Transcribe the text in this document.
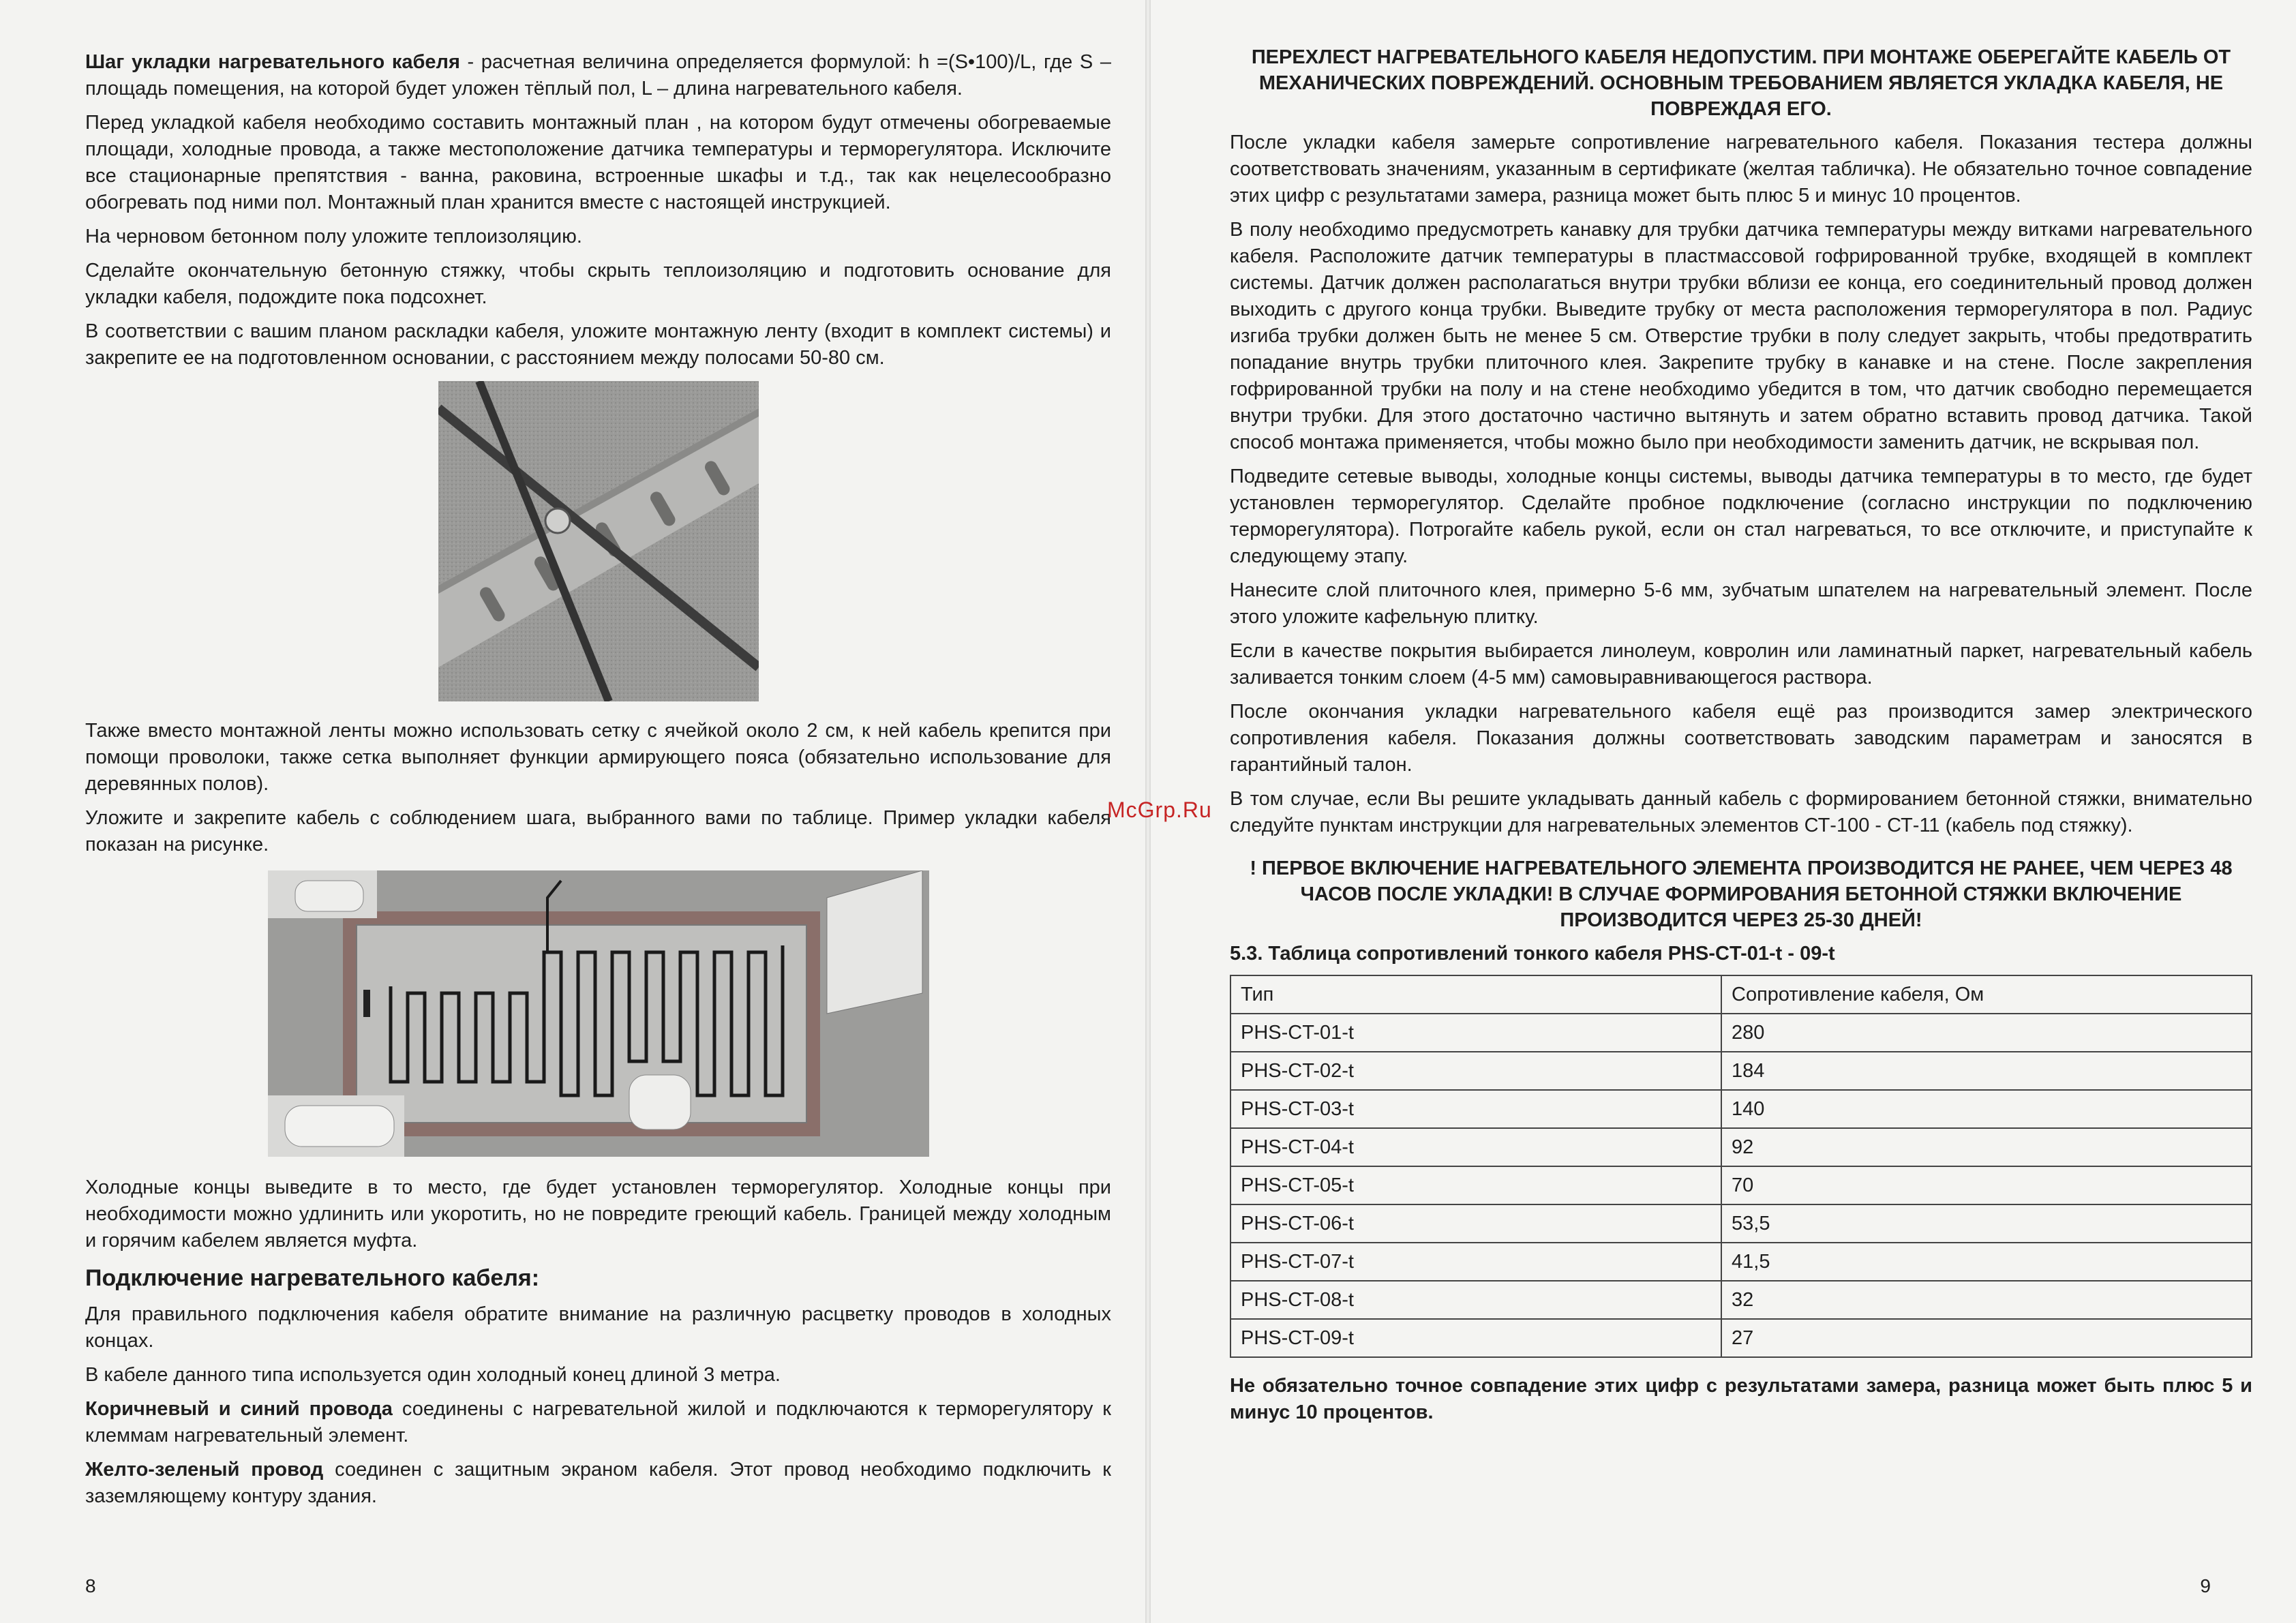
Шаг укладки нагревательного кабеля - расчетная величина определяется формулой: h =(S•100)/L, где S – площадь помещения, на которой будет уложен тёплый пол, L – длина нагревательного кабеля.

Перед укладкой кабеля необходимо составить монтажный план , на котором будут отмечены обогреваемые площади, холодные провода, а также местоположение датчика температуры и терморегулятора. Исключите все стационарные препятствия - ванна, раковина, встроенные шкафы и т.д., так как нецелесообразно обогревать под ними пол. Монтажный план хранится вместе с настоящей инструкцией.

На черновом бетонном полу уложите теплоизоляцию.

Сделайте окончательную бетонную стяжку, чтобы скрыть теплоизоляцию и подготовить основание для укладки кабеля, подождите пока подсохнет.

В соответствии с вашим планом раскладки кабеля, уложите монтажную ленту (входит в комплект системы) и закрепите ее на подготовленном основании, с расстоянием между полосами 50-80 см.

Также вместо монтажной ленты можно использовать сетку с ячейкой около 2 см, к ней кабель крепится при помощи проволоки, также сетка выполняет функции армирующего пояса (обязательно использование для деревянных полов).

Уложите и закрепите кабель с соблюдением шага, выбранного вами по таблице. Пример укладки кабеля показан на рисунке.

Холодные концы выведите в то место, где будет установлен терморегулятор. Холодные концы при необходимости можно удлинить или укоротить, но не повредите греющий кабель. Границей между холодным и горячим кабелем является муфта.

Подключение нагревательного кабеля:

Для правильного подключения кабеля обратите внимание на различную расцветку проводов в холодных концах.

В кабеле данного типа используется один холодный конец длиной 3 метра.

Коричневый и синий провода соединены с нагревательной жилой и подключаются к терморегулятору к клеммам нагревательный элемент.

Желто-зеленый провод соединен с защитным экраном кабеля. Этот провод необходимо подключить к заземляющему контуру здания.

8

ПЕРЕХЛЕСТ НАГРЕВАТЕЛЬНОГО КАБЕЛЯ НЕДОПУСТИМ. ПРИ МОНТАЖЕ ОБЕРЕГАЙТЕ КАБЕЛЬ ОТ МЕХАНИЧЕСКИХ ПОВРЕЖДЕНИЙ. ОСНОВНЫМ ТРЕБОВАНИЕМ ЯВЛЯЕТСЯ УКЛАДКА КАБЕЛЯ, НЕ ПОВРЕЖДАЯ ЕГО.

После укладки кабеля замерьте сопротивление нагревательного кабеля. Показания тестера должны соответствовать значениям, указанным в сертификате (желтая табличка). Не обязательно точное совпадение этих цифр с результатами замера, разница может быть плюс 5 и минус 10 процентов.

В полу необходимо предусмотреть канавку для трубки датчика температуры между витками нагревательного кабеля. Расположите датчик температуры в пластмассовой гофрированной трубке, входящей в комплект системы. Датчик должен располагаться внутри трубки вблизи ее конца, его соединительный провод должен выходить с другого конца трубки. Выведите трубку от места расположения терморегулятора в пол. Радиус изгиба трубки должен быть не менее 5 см. Отверстие трубки в полу следует закрыть, чтобы предотвратить попадание внутрь трубки плиточного клея. Закрепите трубку в канавке и на стене. После закрепления гофрированной трубки на полу и на стене необходимо убедится в том, что датчик свободно перемещается внутри трубки. Для этого достаточно частично вытянуть и затем обратно вставить провод датчика. Такой способ монтажа применяется, чтобы можно было при необходимости заменить датчик, не вскрывая пол.

Подведите сетевые выводы, холодные концы системы, выводы датчика температуры в то место, где будет установлен терморегулятор. Сделайте пробное подключение (согласно инструкции по подключению терморегулятора). Потрогайте кабель рукой, если он стал нагреваться, то все отключите, и приступайте к следующему этапу.

Нанесите слой плиточного клея, примерно 5-6 мм, зубчатым шпателем на нагревательный элемент. После этого уложите кафельную плитку.

Если в качестве покрытия выбирается линолеум, ковролин или ламинатный паркет, нагревательный кабель заливается тонким слоем (4-5 мм) самовыравнивающегося раствора.

После окончания укладки нагревательного кабеля ещё раз производится замер электрического сопротивления кабеля. Показания должны соответствовать заводским параметрам и заносятся в гарантийный талон.

В том случае, если Вы решите укладывать данный кабель с формированием бетонной стяжки, внимательно следуйте пунктам инструкции для нагревательных элементов СТ-100 - СТ-11 (кабель под стяжку).

! ПЕРВОЕ ВКЛЮЧЕНИЕ НАГРЕВАТЕЛЬНОГО ЭЛЕМЕНТА ПРОИЗВОДИТСЯ НЕ РАНЕЕ, ЧЕМ ЧЕРЕЗ 48 ЧАСОВ ПОСЛЕ УКЛАДКИ! В СЛУЧАЕ ФОРМИРОВАНИЯ БЕТОННОЙ СТЯЖКИ ВКЛЮЧЕНИЕ ПРОИЗВОДИТСЯ ЧЕРЕЗ 25-30 ДНЕЙ!

5.3. Таблица сопротивлений тонкого кабеля PHS-CT-01-t - 09-t

Тип	Сопротивление кабеля, Ом
PHS-CT-01-t	280
PHS-CT-02-t	184
PHS-CT-03-t	140
PHS-CT-04-t	92
PHS-CT-05-t	70
PHS-CT-06-t	53,5
PHS-CT-07-t	41,5
PHS-CT-08-t	32
PHS-CT-09-t	27

Не обязательно точное совпадение этих цифр с результатами замера, разница может быть плюс 5 и минус 10 процентов.

9
McGrp.Ru
